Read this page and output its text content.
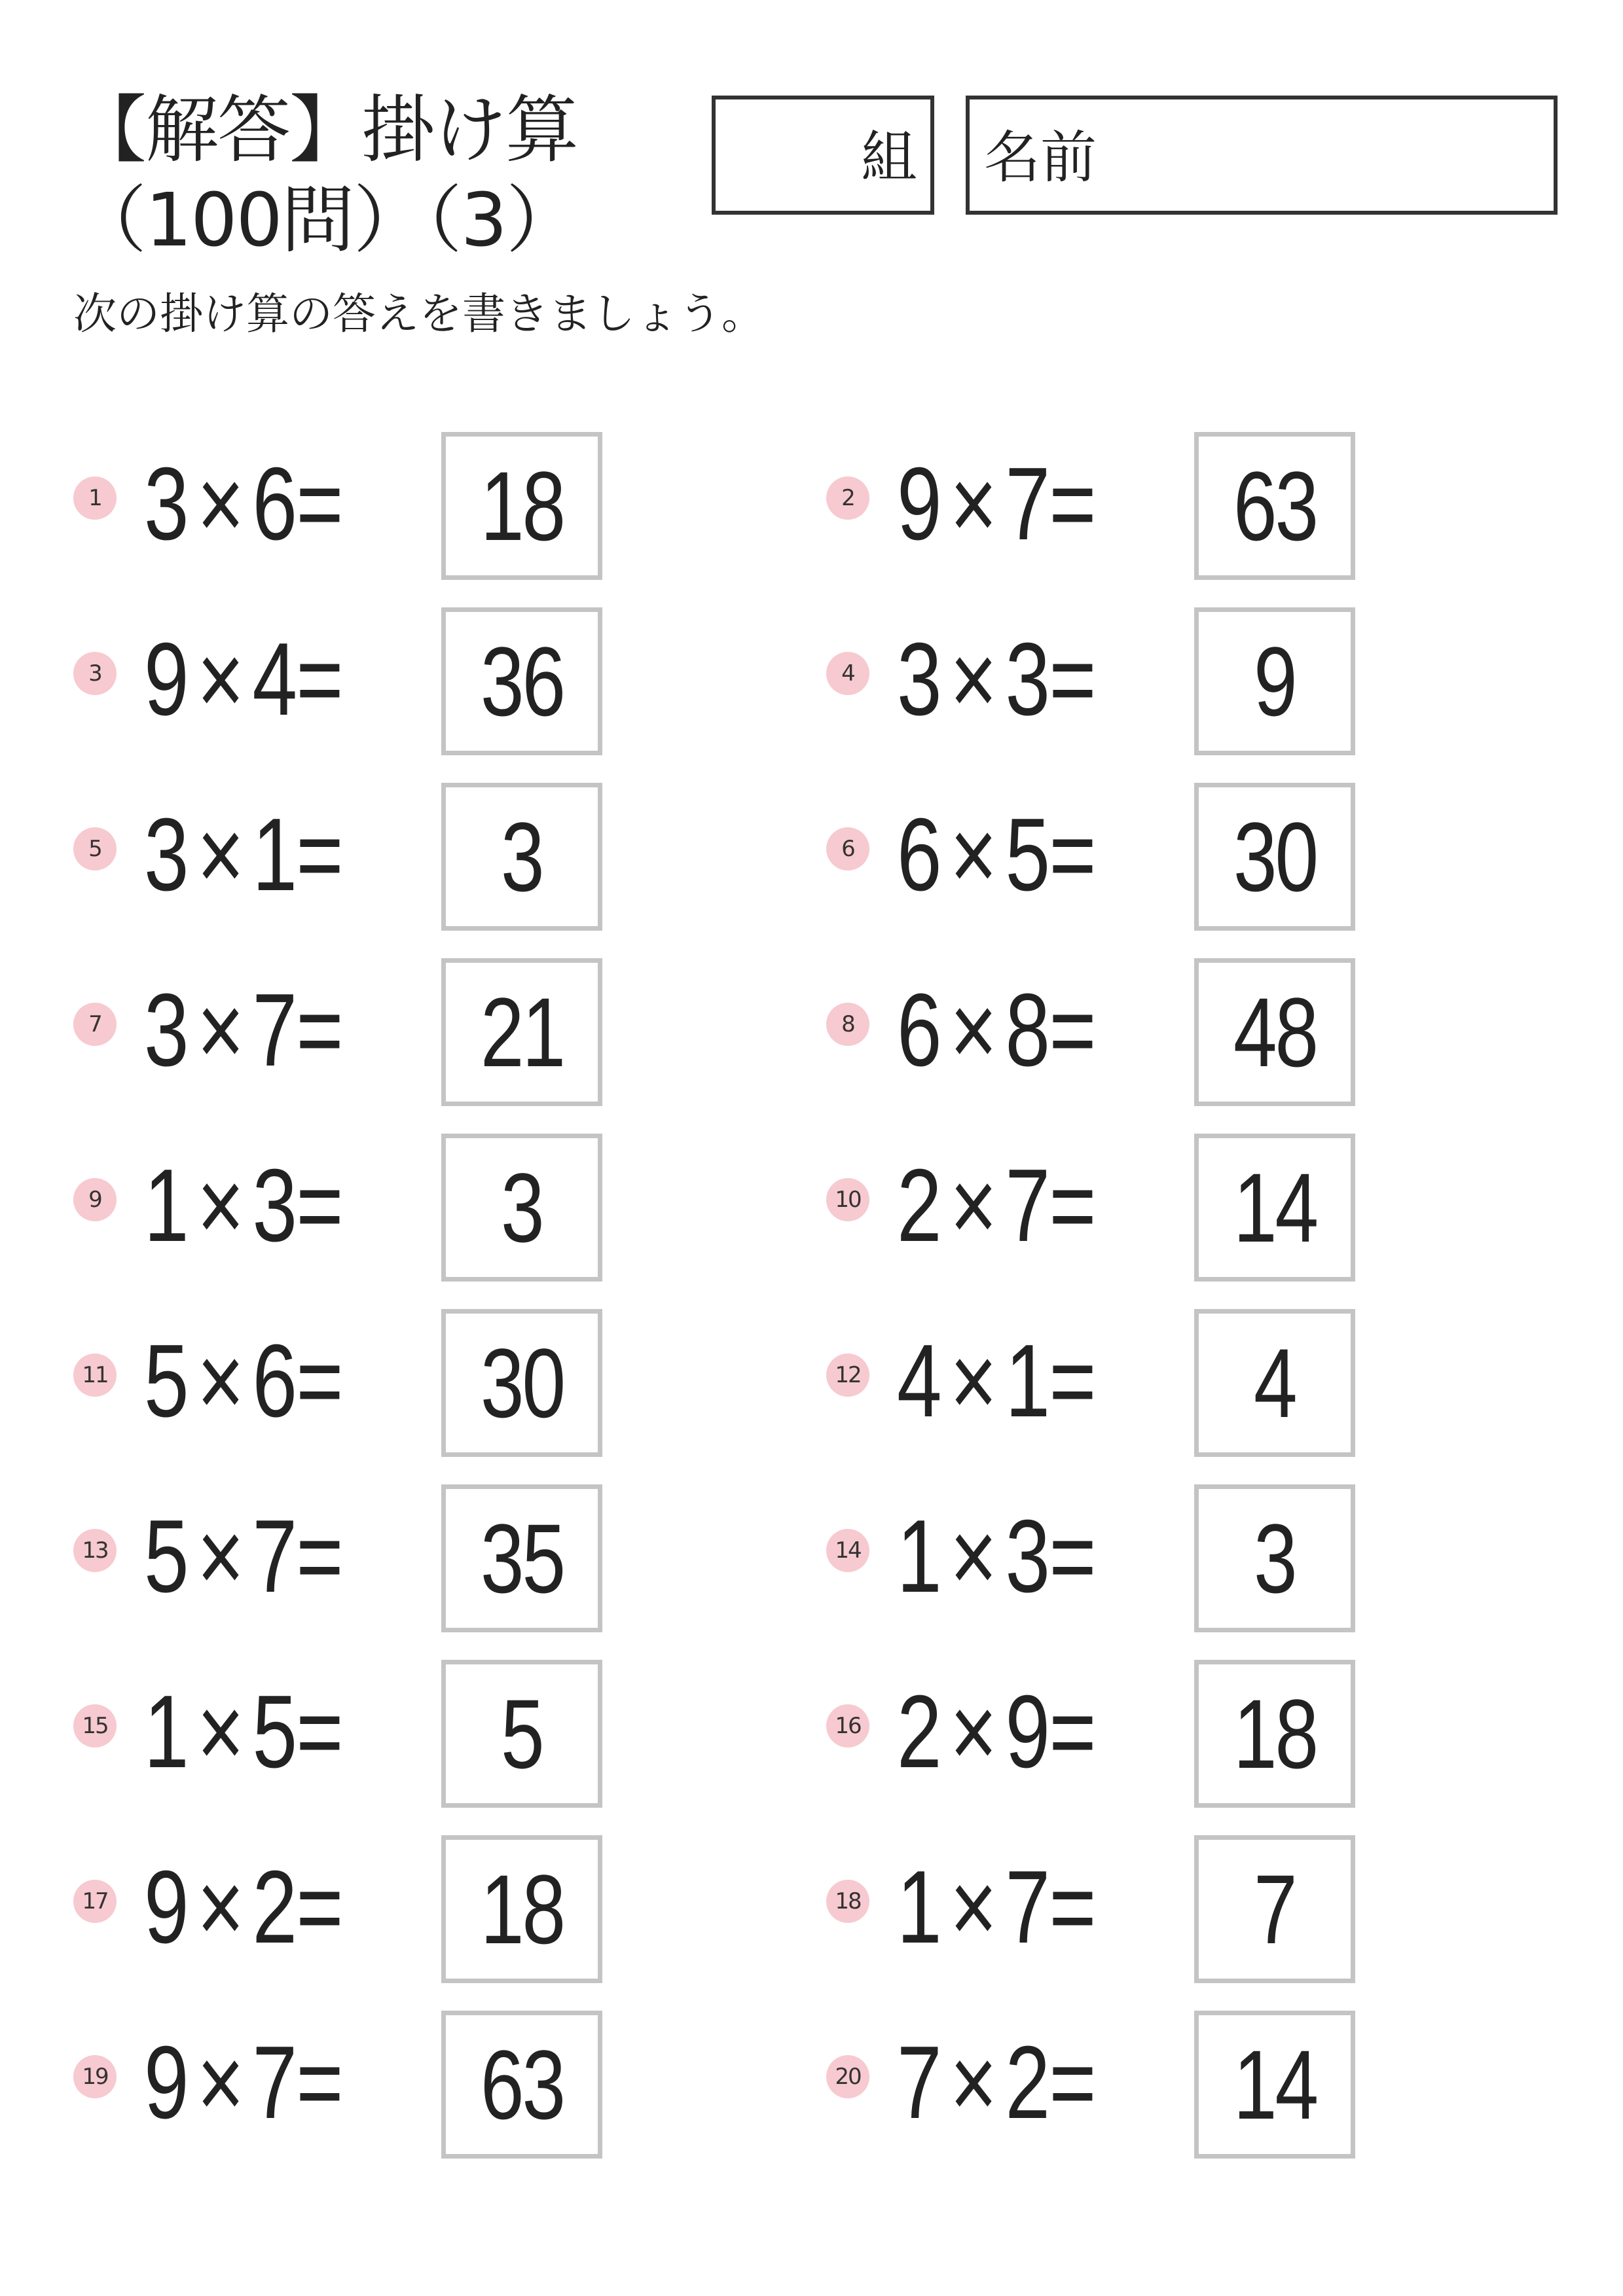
【解答】掛け算
（100問）（3）
組 名前
次の掛け算の答えを書きましょう。
1 3×6=	18	2 9×7=	63
3 9×4=	36	4 3×3=	9
5 3×1=	3	6 6×5=	30
7 3×7=	21	8 6×8=	48
9 1×3=	3	10 2×7=	14
11 5×6=	30	12 4×1=	4
13 5×7=	35	14 1×3=	3
15 1×5=	5	16 2×9=	18
17 9×2=	18	18 1×7=	7
19 9×7=	63	20 7×2=	14
